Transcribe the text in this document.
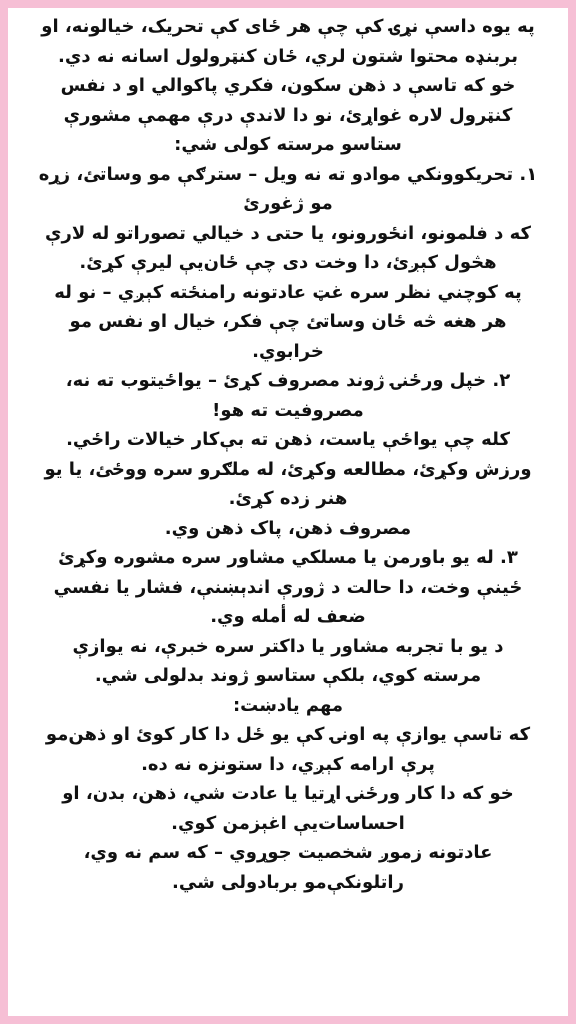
په یوه داسې نړۍ کې چې هر ځای کې تحریک، خیالونه، او
بربنډه محتوا شتون لري، ځان کنټرولول اسانه نه دي.
خو که تاسې د ذهن سکون، فکري پاکوالي او د نفس
کنټرول لاره غواړئ، نو دا لاندې درې مهمې مشورې
ستاسو مرسته کولی شي:
۱. تحریکوونکي موادو ته نه ویل – سترګې مو وساتئ، زړه
مو ژغورئ
که د فلمونو، انځورونو، یا حتی د خیالي تصوراتو له لارې
هڅول کېږئ، دا وخت دی چې ځان‌یې لیرې کړئ.
په کوچني نظر سره غټ عادتونه رامنځته کېږي – نو له
هر هغه څه ځان وساتئ چې فکر، خیال او نفس مو
خرابوي.
۲. خپل ورځنۍ ژوند مصروف کړئ – یواځیتوب ته نه،
مصروفیت ته هو!
کله چې یواځې یاست، ذهن ته بې‌کار خیالات راځي.
ورزش وکړئ، مطالعه وکړئ، له ملګرو سره ووځئ، یا یو
هنر زده کړئ.
مصروف ذهن، پاک ذهن وي.
۳. له یو باورمن یا مسلکي مشاور سره مشوره وکړئ
ځینې وخت، دا حالت د ژورې اندېښنې، فشار یا نفسي
ضعف له أمله وي.
د یو با تجربه مشاور یا داکتر سره خبرې، نه یوازې
مرسته کوي، بلکې ستاسو ژوند بدلولی شي.
مهم یادښت:
که تاسې یوازې په اونۍ کې یو ځل دا کار کوئ او ذهن‌مو
پرې ارامه کېږي، دا ستونزه نه ده.
خو که دا کار ورځنۍ اړتیا یا عادت شي، ذهن، بدن، او
احساسات‌یې اغېزمن کوي.
عادتونه زموږ شخصیت جوړوي – که سم نه وي،
راتلونکې‌مو بربادولی شي.
